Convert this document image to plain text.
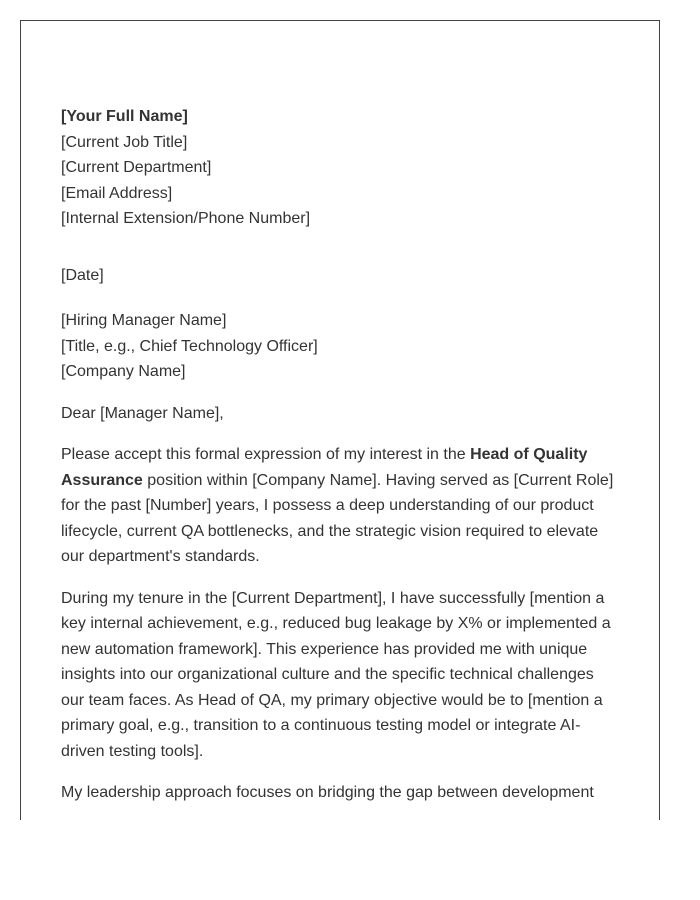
[Your Full Name]
[Current Job Title]
[Current Department]
[Email Address]
[Internal Extension/Phone Number]
[Date]
[Hiring Manager Name]
[Title, e.g., Chief Technology Officer]
[Company Name]

Dear [Manager Name],

Please accept this formal expression of my interest in the Head of Quality Assurance position within [Company Name]. Having served as [Current Role] for the past [Number] years, I possess a deep understanding of our product lifecycle, current QA bottlenecks, and the strategic vision required to elevate our department's standards.

During my tenure in the [Current Department], I have successfully [mention a key internal achievement, e.g., reduced bug leakage by X% or implemented a new automation framework]. This experience has provided me with unique insights into our organizational culture and the specific technical challenges our team faces. As Head of QA, my primary objective would be to [mention a primary goal, e.g., transition to a continuous testing model or integrate AI-driven testing tools].

My leadership approach focuses on bridging the gap between development
